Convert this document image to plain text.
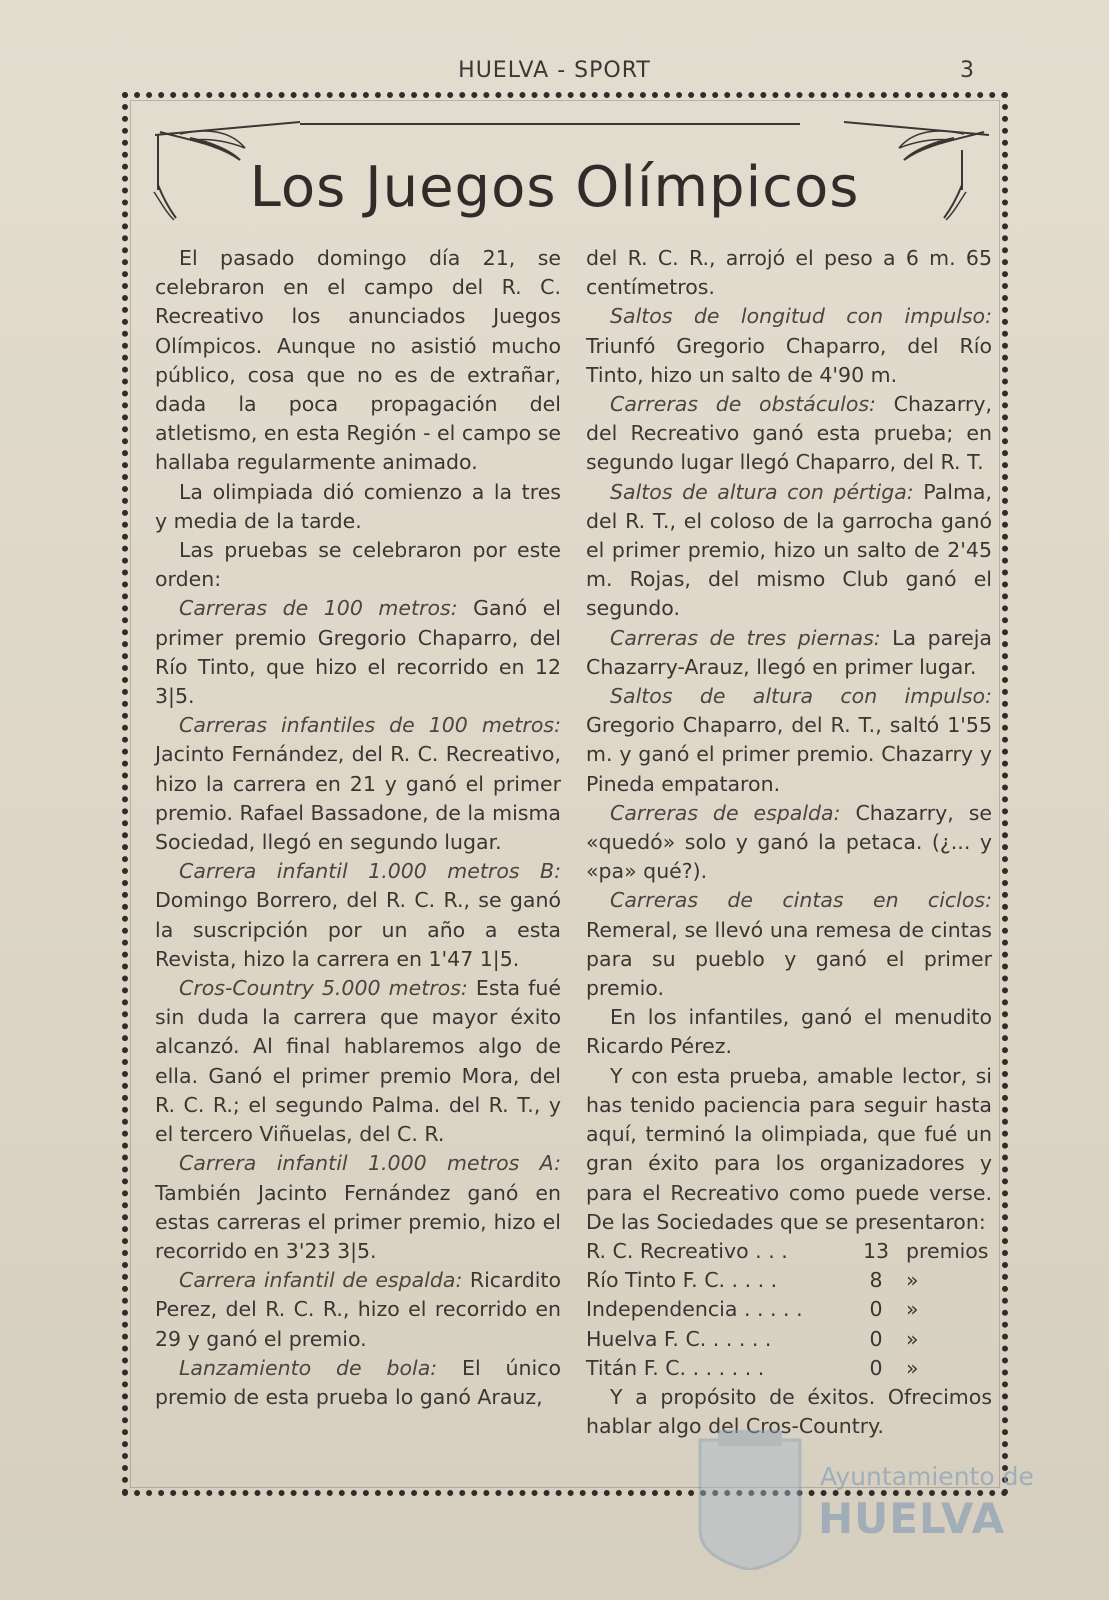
HUELVA - SPORT	3
Los Juegos Olímpicos

El pasado domingo día 21, se celebraron en el campo del R. C. Recreativo los anunciados Juegos Olímpicos. Aunque no asistió mucho público, cosa que no es de extrañar, dada la poca propagación del atletismo, en esta Región - el campo se hallaba regularmente animado.

La olimpiada dió comienzo a la tres y media de la tarde.

Las pruebas se celebraron por este orden:

Carreras de 100 metros: Ganó el primer premio Gregorio Chaparro, del Río Tinto, que hizo el recorrido en 12 3|5.

Carreras infantiles de 100 metros: Jacinto Fernández, del R. C. Recreativo, hizo la carrera en 21 y ganó el primer premio. Rafael Bassadone, de la misma Sociedad, llegó en segundo lugar.

Carrera infantil 1.000 metros B: Domingo Borrero, del R. C. R., se ganó la suscripción por un año a esta Revista, hizo la carrera en 1'47 1|5.

Cros-Country 5.000 metros: Esta fué sin duda la carrera que mayor éxito alcanzó. Al final hablaremos algo de ella. Ganó el primer premio Mora, del R. C. R.; el segundo Palma. del R. T., y el tercero Viñuelas, del C. R.

Carrera infantil 1.000 metros A: También Jacinto Fernández ganó en estas carreras el primer premio, hizo el recorrido en 3'23 3|5.

Carrera infantil de espalda: Ricardito Perez, del R. C. R., hizo el recorrido en 29 y ganó el premio.

Lanzamiento de bola: El único premio de esta prueba lo ganó Arauz,

del R. C. R., arrojó el peso a 6 m. 65 centímetros.

Saltos de longitud con impulso: Triunfó Gregorio Chaparro, del Río Tinto, hizo un salto de 4'90 m.

Carreras de obstáculos: Chazarry, del Recreativo ganó esta prueba; en segundo lugar llegó Chaparro, del R. T.

Saltos de altura con pértiga: Palma, del R. T., el coloso de la garrocha ganó el primer premio, hizo un salto de 2'45 m. Rojas, del mismo Club ganó el segundo.

Carreras de tres piernas: La pareja Chazarry-Arauz, llegó en primer lugar.

Saltos de altura con impulso: Gregorio Chaparro, del R. T., saltó 1'55 m. y ganó el primer premio. Chazarry y Pineda empataron.

Carreras de espalda: Chazarry, se «quedó» solo y ganó la petaca. (¿... y «pa» qué?).

Carreras de cintas en ciclos: Remeral, se llevó una remesa de cintas para su pueblo y ganó el primer premio.

En los infantiles, ganó el menudito Ricardo Pérez.

Y con esta prueba, amable lector, si has tenido paciencia para seguir hasta aquí, terminó la olimpiada, que fué un gran éxito para los organizadores y para el Recreativo como puede verse. De las Sociedades que se presentaron:

R. C. Recreativo . . .	13	premios
Río Tinto F. C. . . . .	8	»
Independencia . . . . .	0	»
Huelva F. C. . . . . .	0	»
Titán F. C. . . . . . .	0	»

Y a propósito de éxitos. Ofrecimos hablar algo del Cros-Country.

Ayuntamiento de
HUELVA
